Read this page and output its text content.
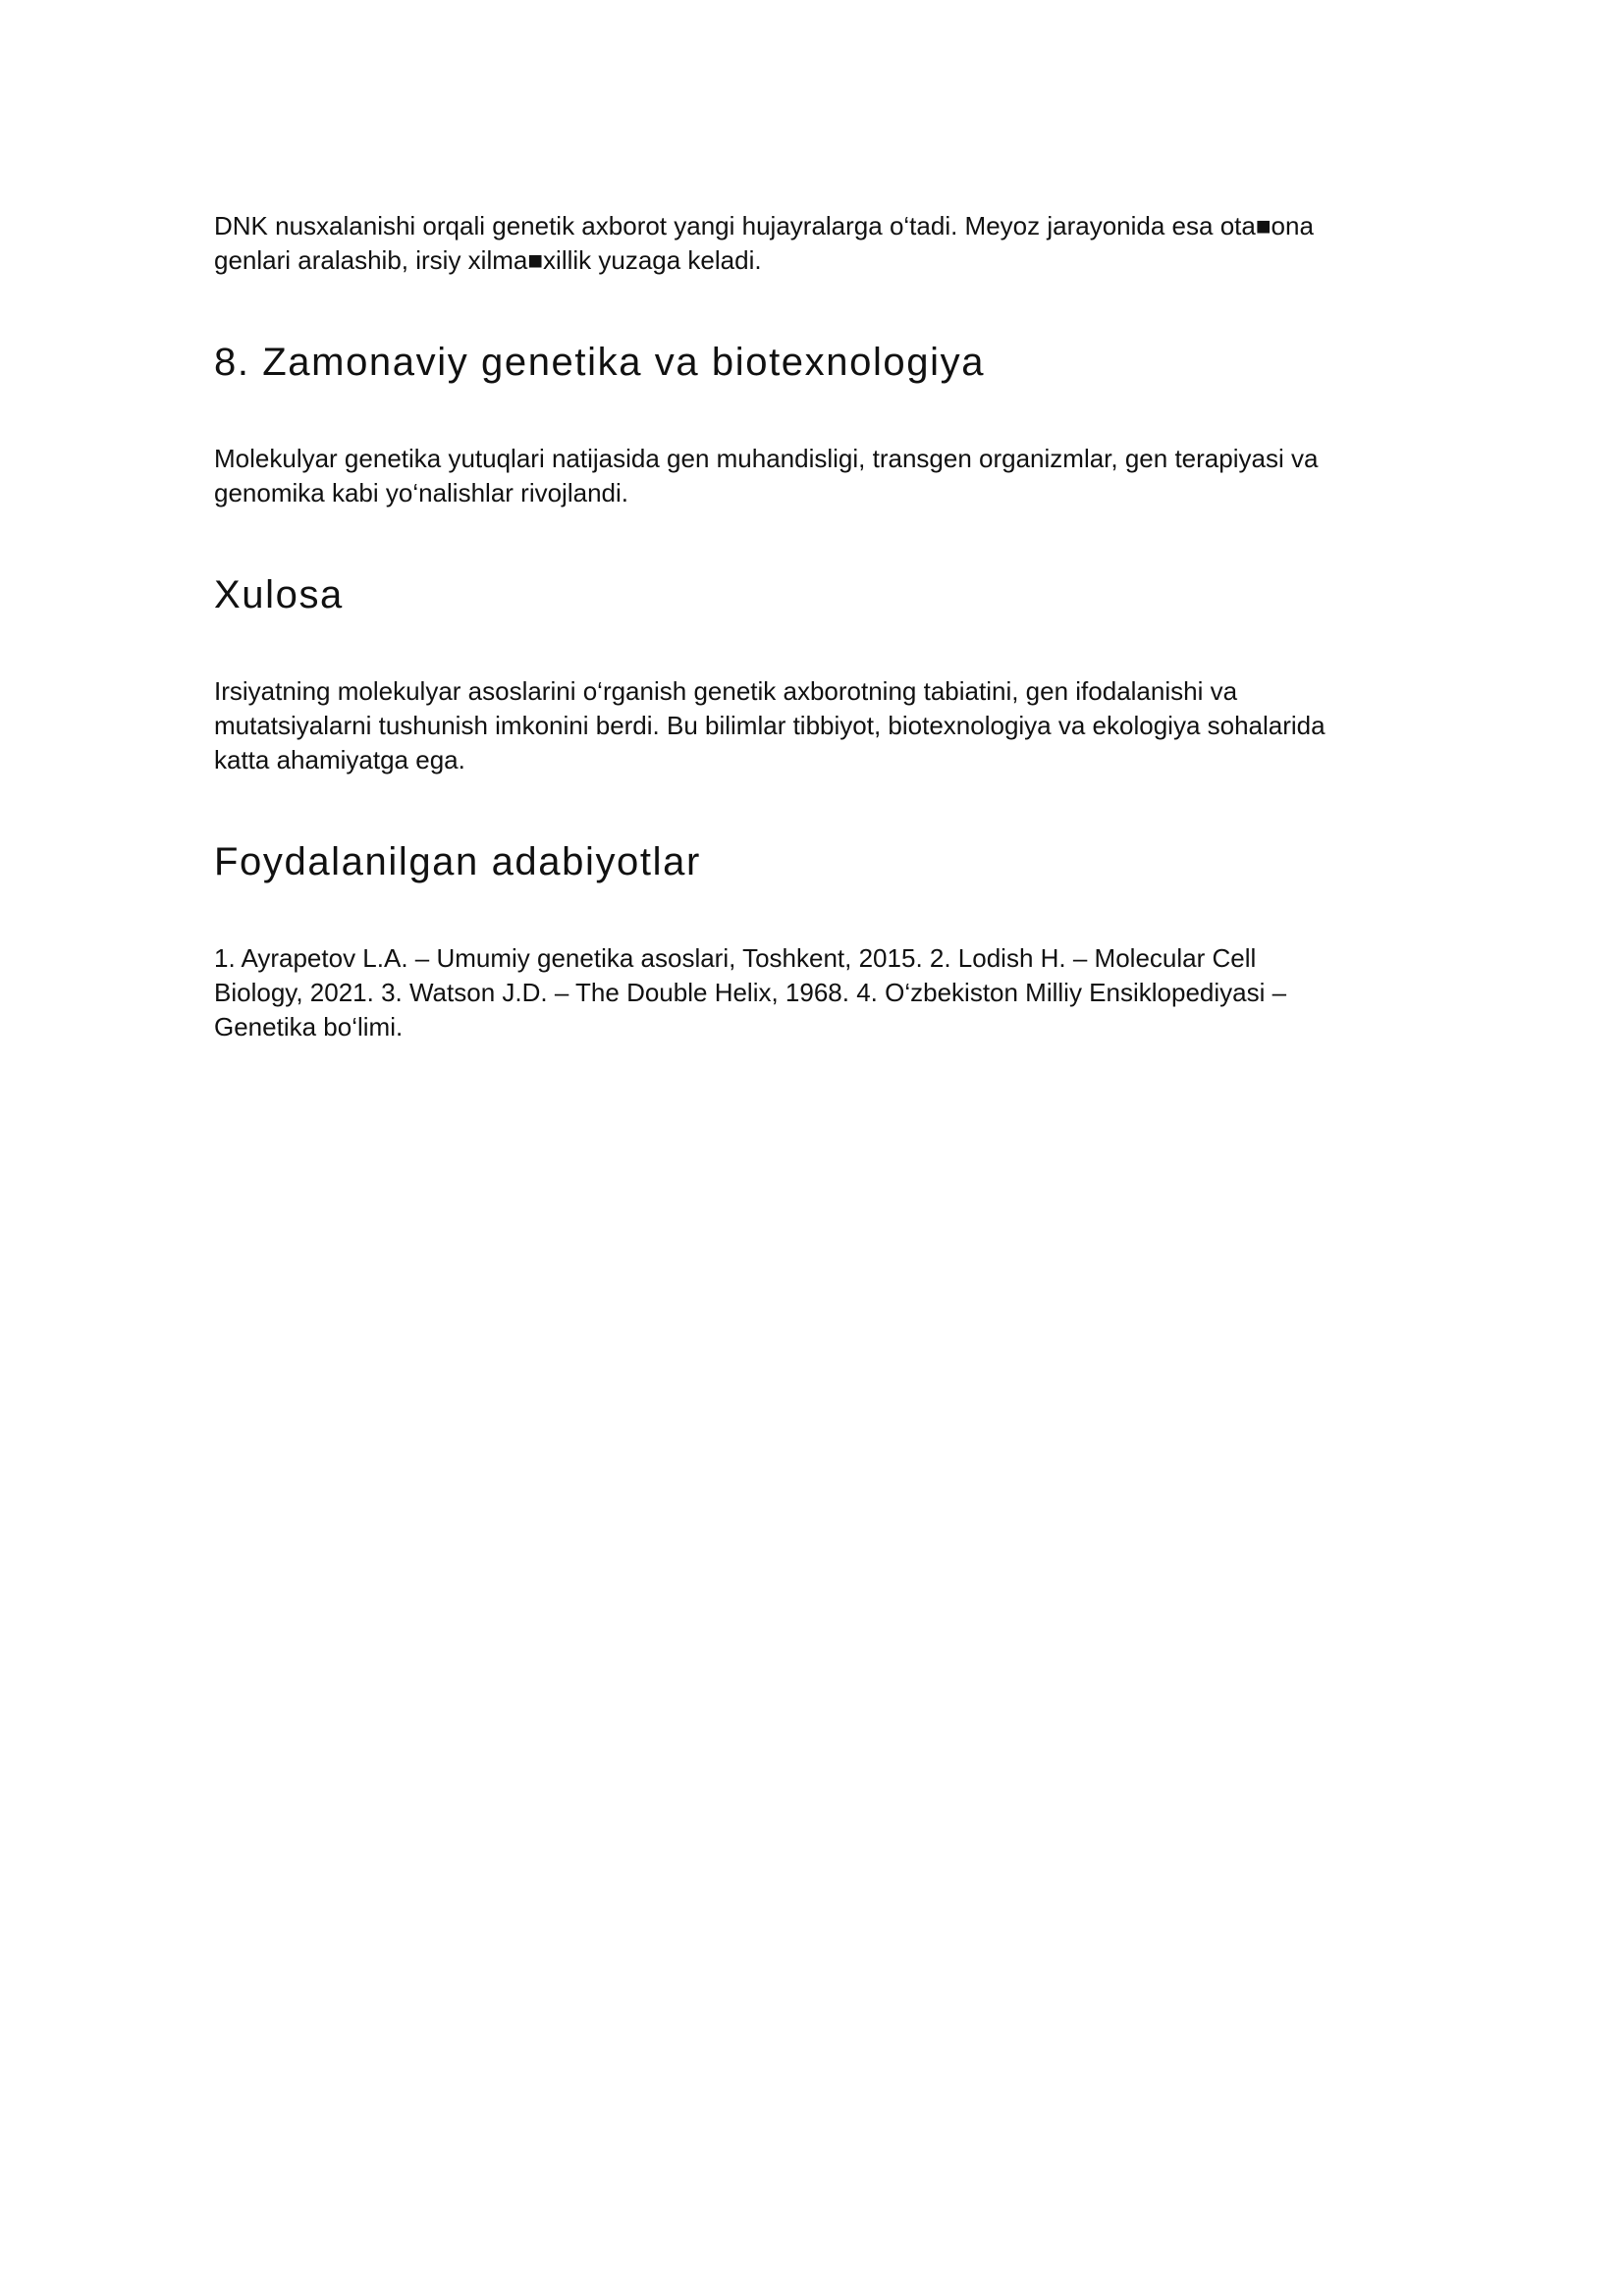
DNK nusxalanishi orqali genetik axborot yangi hujayralarga o‘tadi. Meyoz jarayonida esa ota■ona
genlari aralashib, irsiy xilma■xillik yuzaga keladi.

8. Zamonaviy genetika va biotexnologiya

Molekulyar genetika yutuqlari natijasida gen muhandisligi, transgen organizmlar, gen terapiyasi va
genomika kabi yo‘nalishlar rivojlandi.

Xulosa

Irsiyatning molekulyar asoslarini o‘rganish genetik axborotning tabiatini, gen ifodalanishi va
mutatsiyalarni tushunish imkonini berdi. Bu bilimlar tibbiyot, biotexnologiya va ekologiya sohalarida
katta ahamiyatga ega.

Foydalanilgan adabiyotlar

1. Ayrapetov L.A. – Umumiy genetika asoslari, Toshkent, 2015. 2. Lodish H. – Molecular Cell
Biology, 2021. 3. Watson J.D. – The Double Helix, 1968. 4. O‘zbekiston Milliy Ensiklopediyasi –
Genetika bo‘limi.
